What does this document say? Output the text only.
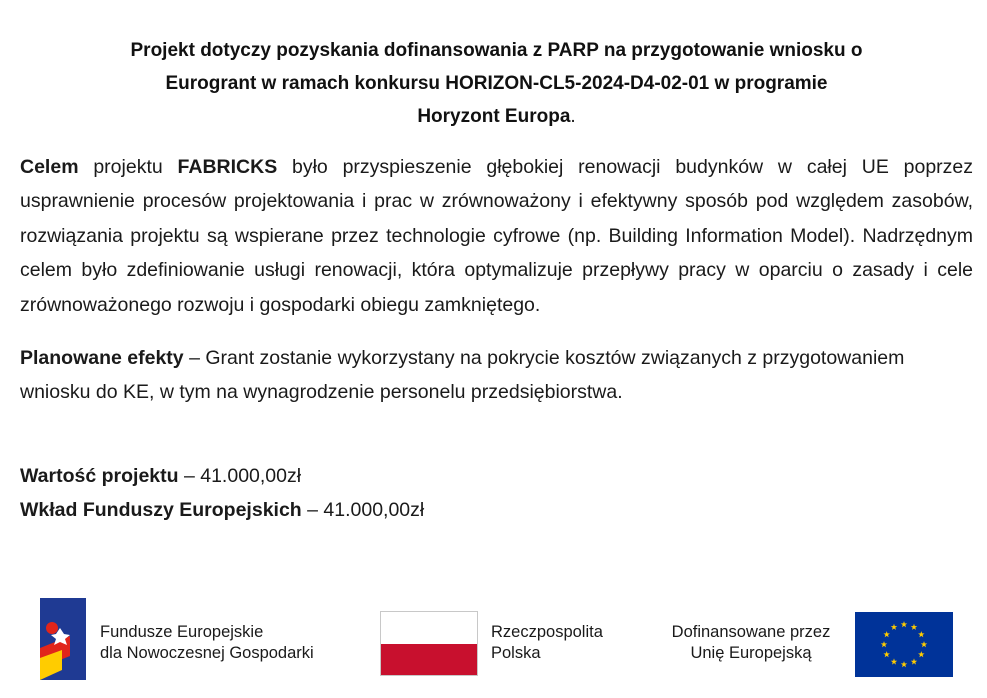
Projekt dotyczy pozyskania dofinansowania z PARP na przygotowanie wniosku o
Eurogrant w ramach konkursu HORIZON-CL5-2024-D4-02-01 w programie
Horyzont Europa.

Celem projektu FABRICKS było przyspieszenie głębokiej renowacji budynków w całej UE poprzez usprawnienie procesów projektowania i prac w zrównoważony i efektywny sposób pod względem zasobów, rozwiązania projektu są wspierane przez technologie cyfrowe (np. Building Information Model). Nadrzędnym celem było zdefiniowanie usługi renowacji, która optymalizuje przepływy pracy w oparciu o zasady i cele zrównoważonego rozwoju i gospodarki obiegu zamkniętego.

Planowane efekty – Grant zostanie wykorzystany na pokrycie kosztów związanych z przygotowaniem wniosku do KE, w tym na wynagrodzenie personelu przedsiębiorstwa.

Wartość projektu – 41.000,00zł
Wkład Funduszy Europejskich – 41.000,00zł
Fundusze Europejskie
dla Nowoczesnej Gospodarki
Rzeczpospolita
Polska
Dofinansowane przez
Unię Europejską
